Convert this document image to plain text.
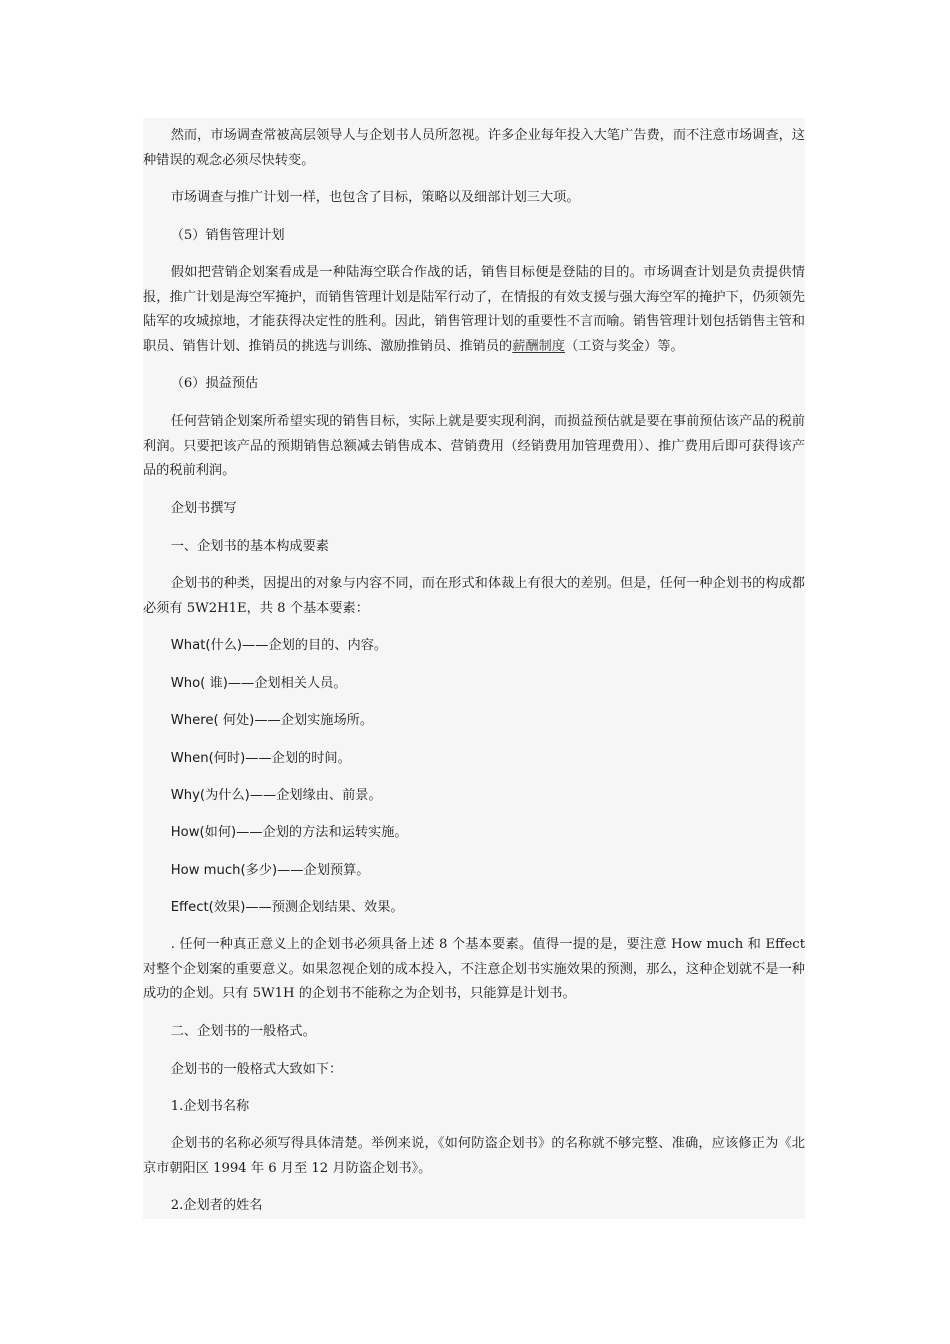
然而，市场调查常被高层领导人与企划书人员所忽视。许多企业每年投入大笔广告费，而不注意市场调查，这种错误的观念必须尽快转变。

市场调查与推广计划一样，也包含了目标，策略以及细部计划三大项。

（5）销售管理计划

假如把营销企划案看成是一种陆海空联合作战的话，销售目标便是登陆的目的。市场调查计划是负责提供情报，推广计划是海空军掩护，而销售管理计划是陆军行动了，在情报的有效支援与强大海空军的掩护下，仍须领先陆军的攻城掠地，才能获得决定性的胜利。因此，销售管理计划的重要性不言而喻。销售管理计划包括销售主管和职员、销售计划、推销员的挑选与训练、激励推销员、推销员的薪酬制度（工资与奖金）等。

（6）损益预估

任何营销企划案所希望实现的销售目标，实际上就是要实现利润，而损益预估就是要在事前预估该产品的税前利润。只要把该产品的预期销售总额减去销售成本、营销费用（经销费用加管理费用）、推广费用后即可获得该产品的税前利润。

企划书撰写

一、企划书的基本构成要素

企划书的种类，因提出的对象与内容不同，而在形式和体裁上有很大的差别。但是，任何一种企划书的构成都必须有 5W2H1E，共 8 个基本要素：

What(什么)——企划的目的、内容。

Who( 谁)——企划相关人员。

Where( 何处)——企划实施场所。

When(何时)——企划的时间。

Why(为什么)——企划缘由、前景。

How(如何)——企划的方法和运转实施。

How much(多少)——企划预算。

Effect(效果)——预测企划结果、效果。

. 任何一种真正意义上的企划书必须具备上述 8 个基本要素。值得一提的是，要注意 How much 和 Effect 对整个企划案的重要意义。如果忽视企划的成本投入，不注意企划书实施效果的预测，那么，这种企划就不是一种成功的企划。只有 5W1H 的企划书不能称之为企划书，只能算是计划书。

二、企划书的一般格式。

企划书的一般格式大致如下：

1.企划书名称

企划书的名称必须写得具体清楚。举例来说，《如何防盗企划书》的名称就不够完整、准确，应该修正为《北京市朝阳区 1994 年 6 月至 12 月防盗企划书》。

2.企划者的姓名
